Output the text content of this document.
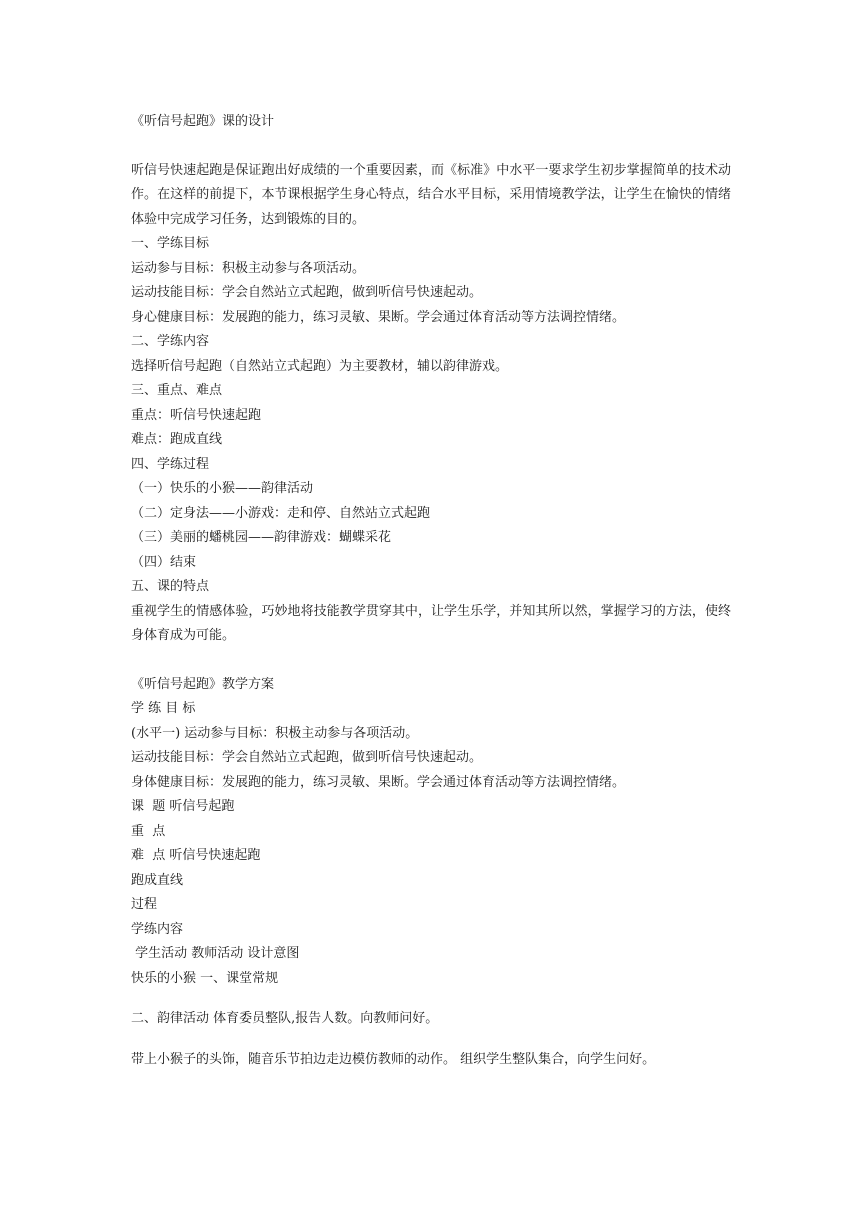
《听信号起跑》课的设计

听信号快速起跑是保证跑出好成绩的一个重要因素，而《标准》中水平一要求学生初步掌握简单的技术动作。在这样的前提下，本节课根据学生身心特点，结合水平目标，采用情境教学法，让学生在愉快的情绪体验中完成学习任务，达到锻炼的目的。

一、学练目标

运动参与目标：积极主动参与各项活动。

运动技能目标：学会自然站立式起跑，做到听信号快速起动。

身心健康目标：发展跑的能力，练习灵敏、果断。学会通过体育活动等方法调控情绪。

二、学练内容

选择听信号起跑（自然站立式起跑）为主要教材，辅以韵律游戏。

三、重点、难点

重点：听信号快速起跑

难点：跑成直线

四、学练过程

（一）快乐的小猴——韵律活动

（二）定身法——小游戏：走和停、自然站立式起跑

（三）美丽的蟠桃园——韵律游戏：蝴蝶采花

（四）结束

五、课的特点

重视学生的情感体验，巧妙地将技能教学贯穿其中，让学生乐学，并知其所以然，掌握学习的方法，使终身体育成为可能。

《听信号起跑》教学方案

学 练 目 标

(水平一) 运动参与目标：积极主动参与各项活动。

运动技能目标：学会自然站立式起跑，做到听信号快速起动。

身体健康目标：发展跑的能力，练习灵敏、果断。学会通过体育活动等方法调控情绪。

课  题 听信号起跑

重  点

难  点 听信号快速起跑

跑成直线

过程

学练内容

学生活动 教师活动 设计意图

快乐的小猴 一、课堂常规

二、韵律活动 体育委员整队,报告人数。向教师问好。

带上小猴子的头饰，随音乐节拍边走边模仿教师的动作。 组织学生整队集合，向学生问好。
